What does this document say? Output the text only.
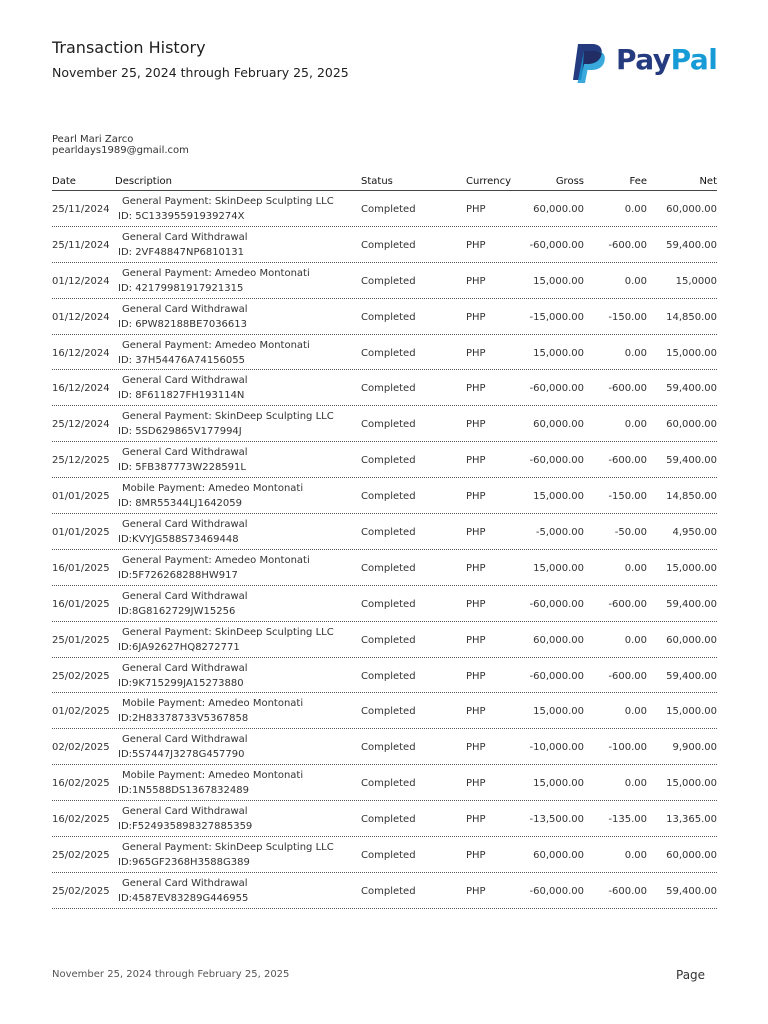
Transaction History
November 25, 2024 through February 25, 2025	PayPal
Pearl Mari Zarco
pearldays1989@gmail.com
Date	Description	Status	Currency	Gross	Fee	Net
25/11/2024
General Payment: SkinDeep Sculpting LLC
ID: 5C13395591939274X
Completed	PHP	60,000.00	0.00 60,000.00
25/11/2024
General Card Withdrawal
ID: 2VF48847NP6810131
Completed	PHP	-60,000.00 -600.00 59,400.00
01/12/2024
General Payment: Amedeo Montonati
ID: 42179981917921315
Completed	PHP	15,000.00	0.00	15,0000
01/12/2024
General Card Withdrawal
ID: 6PW82188BE7036613
Completed	PHP	-15,000.00 -150.00 14,850.00
16/12/2024
General Payment: Amedeo Montonati
ID: 37H54476A74156055
Completed	PHP	15,000.00	0.00 15,000.00
16/12/2024
General Card Withdrawal
ID: 8F611827FH193114N
Completed	PHP	-60,000.00 -600.00 59,400.00
25/12/2024
General Payment: SkinDeep Sculpting LLC
ID: 5SD629865V177994J
Completed	PHP	60,000.00	0.00 60,000.00
25/12/2025
General Card Withdrawal
ID: 5FB387773W228591L
Completed	PHP	-60,000.00 -600.00 59,400.00
01/01/2025
Mobile Payment: Amedeo Montonati
ID: 8MR55344LJ1642059
Completed	PHP	15,000.00 -150.00 14,850.00
01/01/2025
General Card Withdrawal
ID:KVYJG588S73469448
Completed	PHP	-5,000.00	-50.00	4,950.00
16/01/2025
General Payment: Amedeo Montonati
ID:5F726268288HW917
Completed	PHP	15,000.00	0.00 15,000.00
16/01/2025
General Card Withdrawal
ID:8G8162729JW15256
Completed	PHP	-60,000.00 -600.00 59,400.00
25/01/2025
General Payment: SkinDeep Sculpting LLC
ID:6JA92627HQ8272771
Completed	PHP	60,000.00	0.00 60,000.00
25/02/2025
General Card Withdrawal
ID:9K715299JA15273880
Completed	PHP	-60,000.00 -600.00 59,400.00
01/02/2025
Mobile Payment: Amedeo Montonati
ID:2H83378733V5367858
Completed	PHP	15,000.00	0.00 15,000.00
02/02/2025
General Card Withdrawal
ID:5S7447J3278G457790
Completed	PHP	-10,000.00 -100.00	9,900.00
16/02/2025
Mobile Payment: Amedeo Montonati
ID:1N5588DS1367832489
Completed	PHP	15,000.00	0.00 15,000.00
16/02/2025
General Card Withdrawal
ID:F524935898327885359
Completed	PHP	-13,500.00 -135.00 13,365.00
25/02/2025
General Payment: SkinDeep Sculpting LLC
ID:965GF2368H3588G389
Completed	PHP	60,000.00	0.00 60,000.00
25/02/2025
General Card Withdrawal
ID:4587EV83289G446955
Completed	PHP	-60,000.00 -600.00 59,400.00
November 25, 2024 through February 25, 2025	Page
